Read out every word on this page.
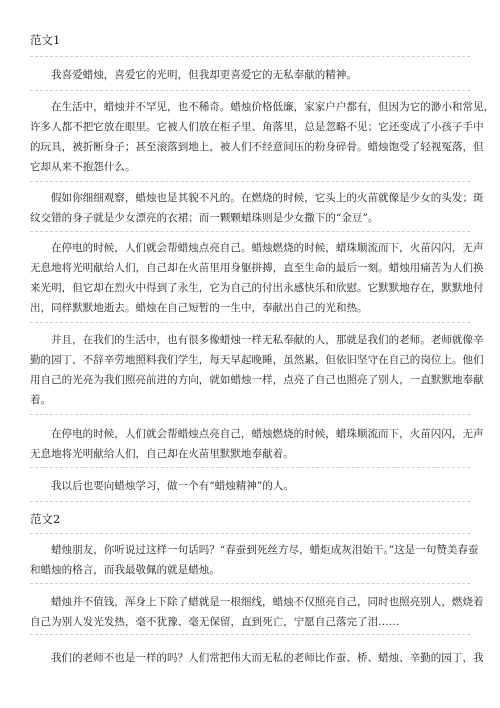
范文1
我喜爱蜡烛，喜爱它的光明，但我却更喜爱它的无私奉献的精神。
在生活中，蜡烛并不罕见，也不稀奇。蜡烛价格低廉，家家户户都有，但因为它的渺小和常见，
许多人都不把它放在眼里。它被人们放在柜子里、角落里，总是忽略不见；它还变成了小孩子手中
的玩具，被折断身子；甚至滚落到地上，被人们不经意间压的粉身碎骨。蜡烛饱受了轻视冤落，但
它却从来不抱怨什么。
假如你细细观察，蜡烛也是其貌不凡的。在燃烧的时候，它头上的火苗就像是少女的头发；斑
纹交错的身子就是少女漂亮的衣裙；而一颗颗蜡珠则是少女撒下的“金豆”。
在停电的时候，人们就会帮蜡烛点亮自己。蜡烛燃烧的时候，蜡珠顺流而下，火苗闪闪，无声
无息地将光明献给人们，自己却在火苗里用身躯拼搏，直至生命的最后一刻。蜡烛用痛苦为人们换
来光明，但它却在烈火中得到了永生，它为自己的付出永感快乐和欣慰。它默默地存在，默默地付
出，同样默默地逝去。蜡烛在自己短暂的一生中，奉献出自己的光和热。
并且，在我们的生活中，也有很多像蜡烛一样无私奉献的人，那就是我们的老师。老师就像辛
勤的园丁，不辞辛劳地照料我们学生，每天早起晚睡，虽然累，但依旧坚守在自己的岗位上。他们
用自己的光亮为我们照亮前进的方向，就如蜡烛一样，点亮了自己也照亮了别人，一直默默地奉献
着。
在停电的时候，人们就会帮蜡烛点亮自己，蜡烛燃烧的时候，蜡珠顺流而下，火苗闪闪，无声
无息地将光明献给人们，自己却在火苗里默默地奉献着。
我以后也要向蜡烛学习，做一个有“蜡烛精神”的人。
范文2
蜡烛朋友，你听说过这样一句话吗？“春蚕到死丝方尽，蜡炬成灰泪始干。”这是一句赞美春蚕
和蜡烛的格言，而我最敬佩的就是蜡烛。
蜡烛并不值钱，浑身上下除了蜡就是一根细线，蜡烛不仅照亮自己，同时也照亮别人，燃烧着
自己为别人发光发热，毫不犹豫、毫无保留，直到死亡，宁愿自己落完了泪……
我们的老师不也是一样的吗？人们常把伟大而无私的老师比作蚕、桥、蜡烛、辛勤的园丁，我
